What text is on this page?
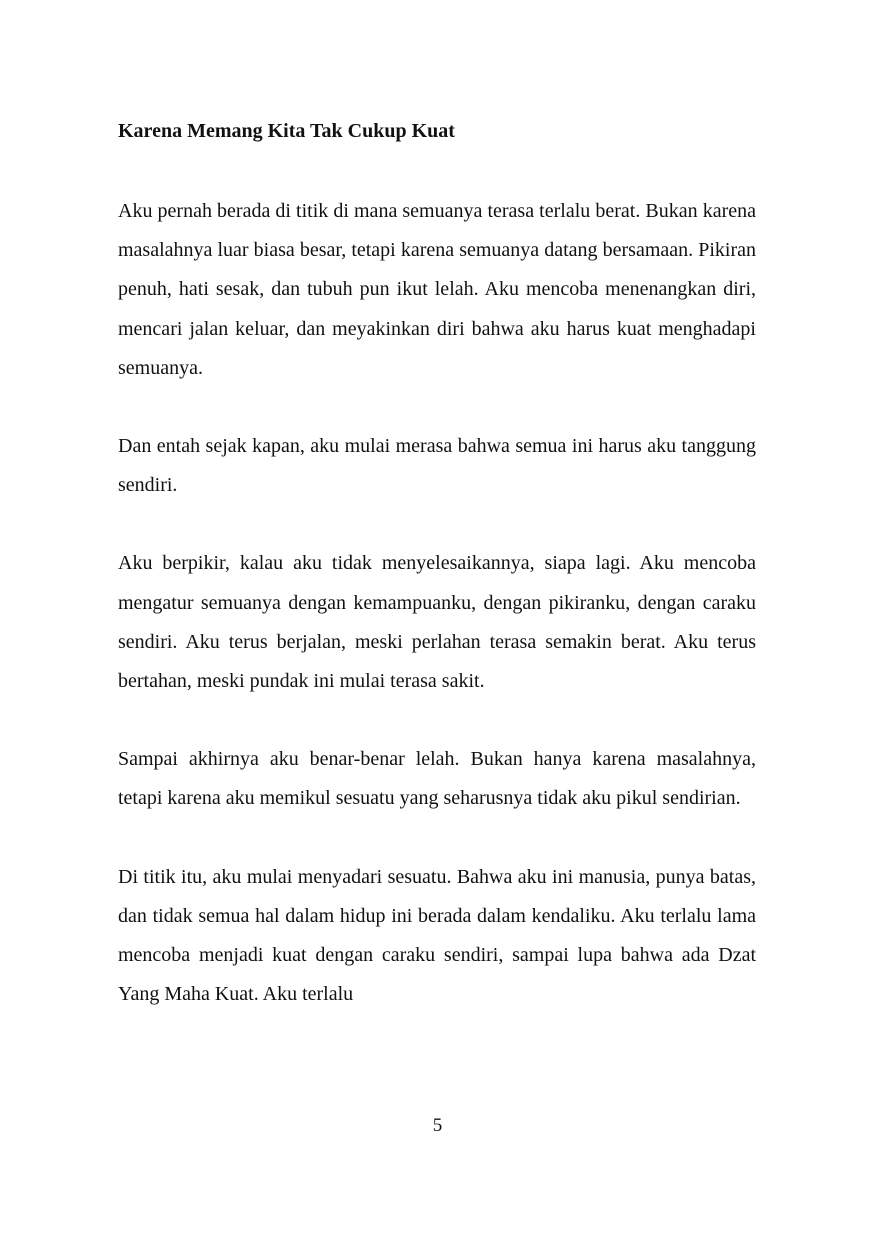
Karena Memang Kita Tak Cukup Kuat

Aku pernah berada di titik di mana semuanya terasa terlalu berat. Bukan karena masalahnya luar biasa besar, tetapi karena semuanya datang bersamaan. Pikiran penuh, hati sesak, dan tubuh pun ikut lelah. Aku mencoba menenangkan diri, mencari jalan keluar, dan meyakinkan diri bahwa aku harus kuat menghadapi semuanya.

Dan entah sejak kapan, aku mulai merasa bahwa semua ini harus aku tanggung sendiri.

Aku berpikir, kalau aku tidak menyelesaikannya, siapa lagi. Aku mencoba mengatur semuanya dengan kemampuanku, dengan pikiranku, dengan caraku sendiri. Aku terus berjalan, meski perlahan terasa semakin berat. Aku terus bertahan, meski pundak ini mulai terasa sakit.

Sampai akhirnya aku benar-benar lelah. Bukan hanya karena masalahnya, tetapi karena aku memikul sesuatu yang seharusnya tidak aku pikul sendirian.

Di titik itu, aku mulai menyadari sesuatu. Bahwa aku ini manusia, punya batas, dan tidak semua hal dalam hidup ini berada dalam kendaliku. Aku terlalu lama mencoba menjadi kuat dengan caraku sendiri, sampai lupa bahwa ada Dzat Yang Maha Kuat. Aku terlalu

5
